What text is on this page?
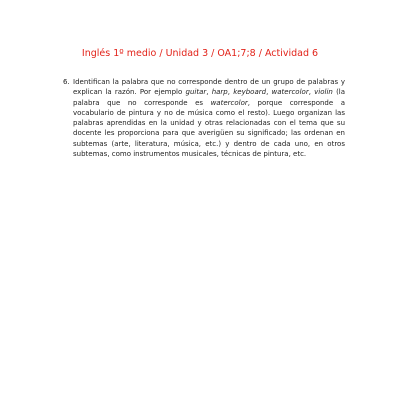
Inglés 1º medio / Unidad 3 / OA1;7;8 / Actividad 6
6. Identifican la palabra que no corresponde dentro de un grupo de palabras y explican la razón. Por ejemplo guitar, harp, keyboard, watercolor, violin (la palabra que no corresponde es watercolor, porque corresponde a vocabulario de pintura y no de música como el resto). Luego organizan las palabras aprendidas en la unidad y otras relacionadas con el tema que su docente les proporciona para que averigüen su significado; las ordenan en subtemas (arte, literatura, música, etc.) y dentro de cada uno, en otros subtemas, como instrumentos musicales, técnicas de pintura, etc.
